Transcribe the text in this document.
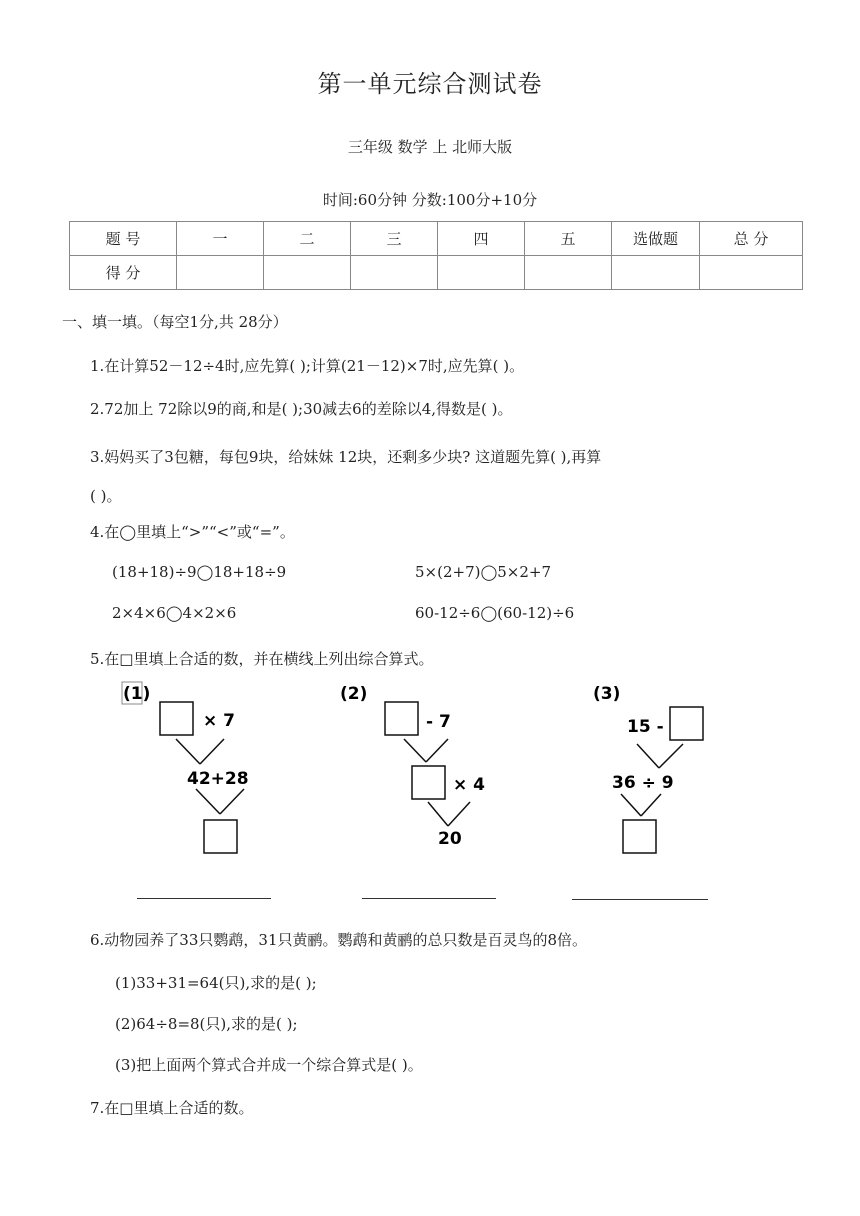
第一单元综合测试卷
三年级 数学 上 北师大版
时间:60分钟 分数:100分+10分
题 号	一	二	三	四	五	选做题	总 分
得 分							
一、填一填。（每空1分,共 28分）
1.在计算52－12÷4时,应先算( );计算(21－12)×7时,应先算( )。
2.72加上 72除以9的商,和是( );30减去6的差除以4,得数是( )。
3.妈妈买了3包糖，每包9块，给妹妹 12块，还剩多少块? 这道题先算( ),再算
( )。
4.在◯里填上“>”“<”或“=”。
(18+18)÷9◯18+18÷9	5×(2+7)◯5×2+7
2×4×6◯4×2×6	60-12÷6◯(60-12)÷6
5.在□里填上合适的数，并在横线上列出综合算式。
(1)
× 7
42+28
(2)
- 7
× 4
20
(3)
15 -
36 ÷ 9
6.动物园养了33只鹦鹉，31只黄鹂。鹦鹉和黄鹂的总只数是百灵鸟的8倍。
(1)33+31=64(只),求的是( );
(2)64÷8=8(只),求的是( );
(3)把上面两个算式合并成一个综合算式是( )。
7.在□里填上合适的数。
